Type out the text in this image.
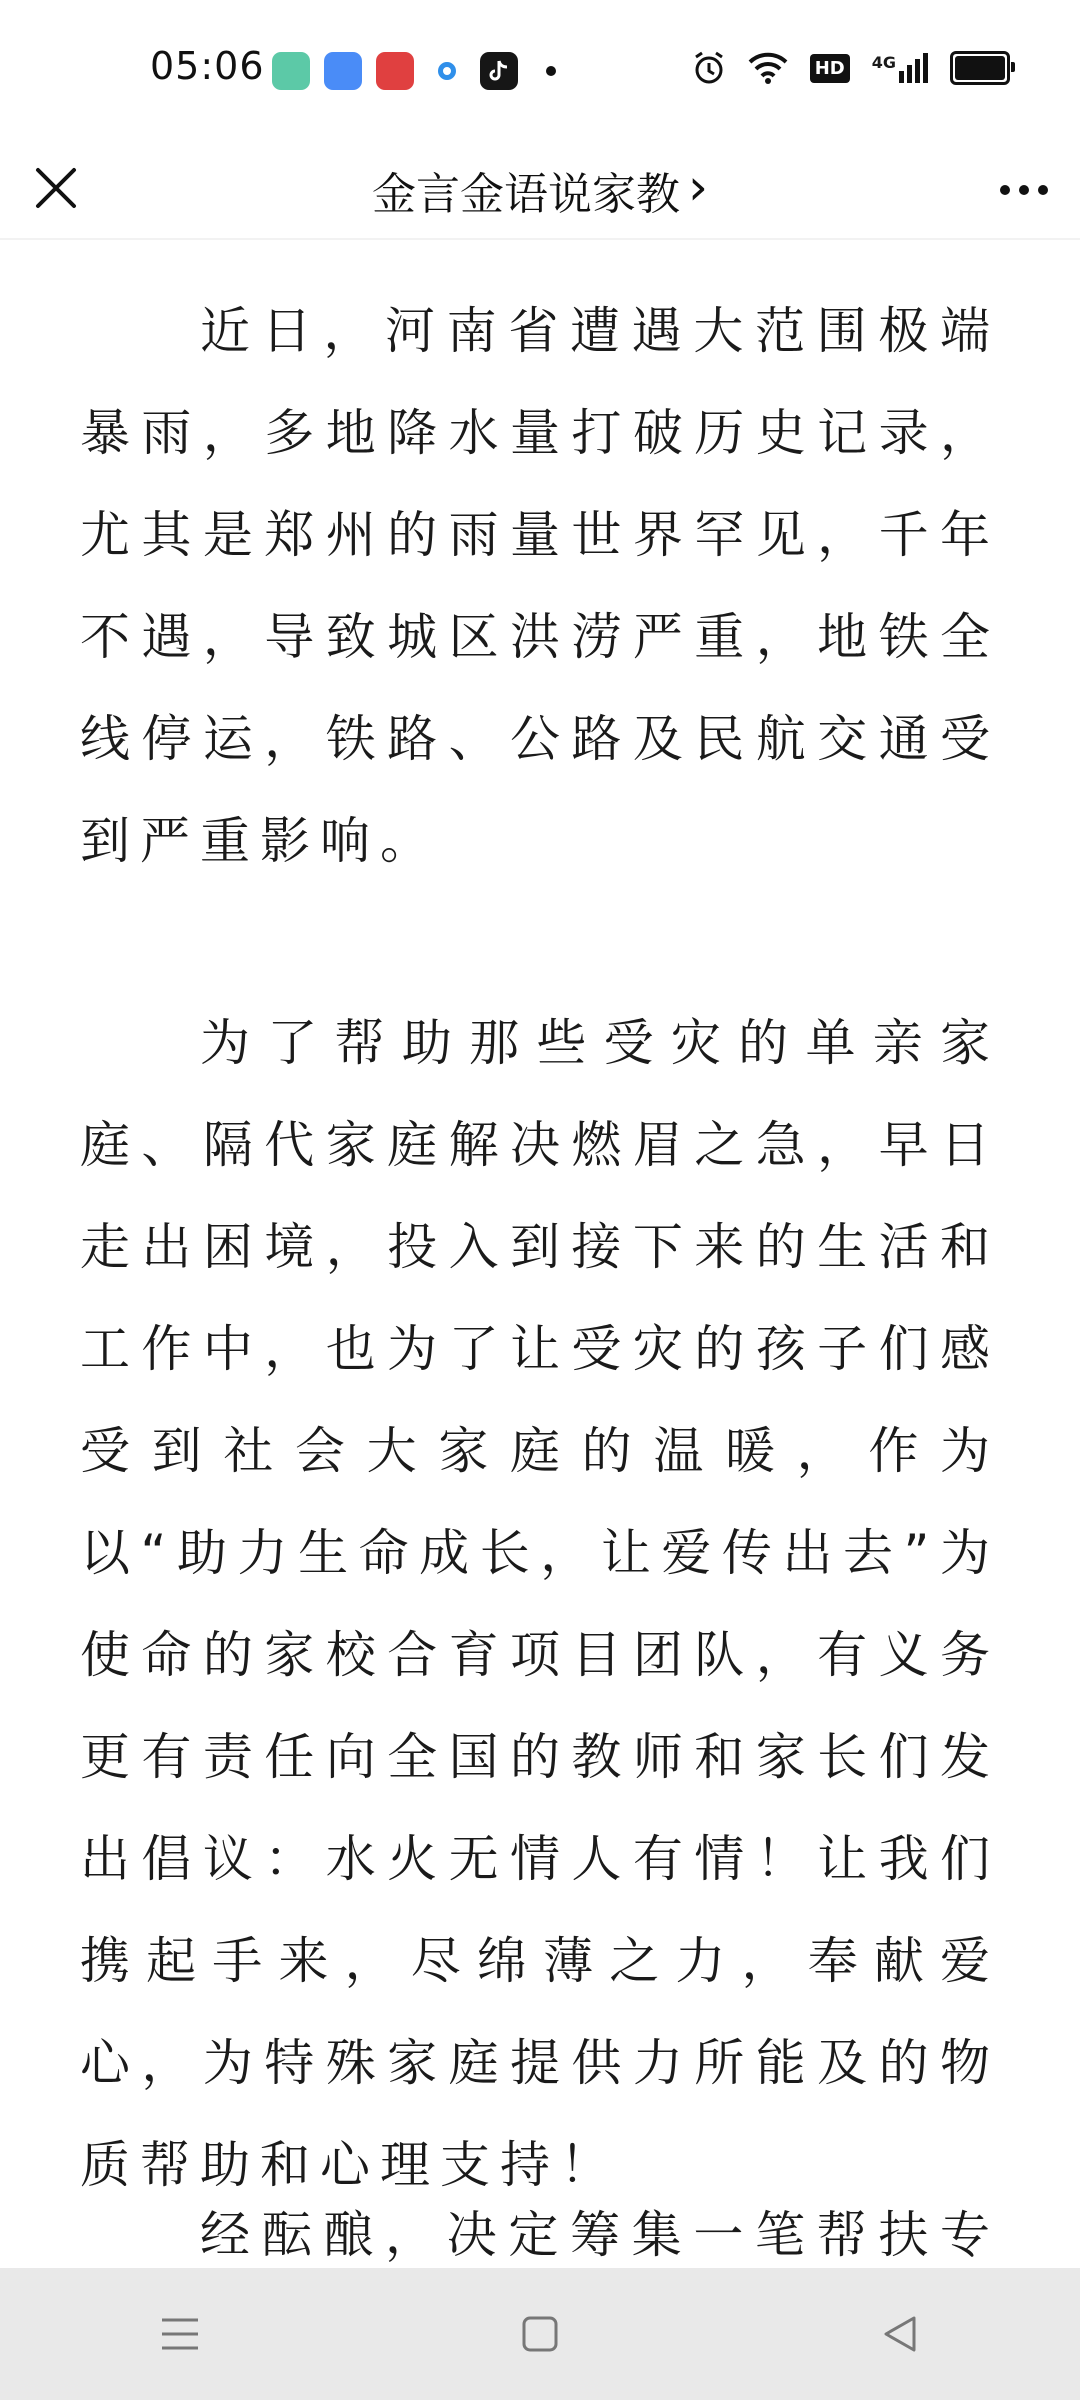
05:06	HD	4G
金言金语说家教 ›

近日，河南省遭遇大范围极端暴雨，多地降水量打破历史记录，尤其是郑州的雨量世界罕见，千年不遇，导致城区洪涝严重，地铁全线停运，铁路、公路及民航交通受到严重影响。

为了帮助那些受灾的单亲家庭、隔代家庭解决燃眉之急，早日走出困境，投入到接下来的生活和工作中，也为了让受灾的孩子们感受到社会大家庭的温暖，作为以“助力生命成长，让爱传出去”为使命的家校合育项目团队，有义务更有责任向全国的教师和家长们发出倡议：水火无情人有情！让我们携起手来，尽绵薄之力，奉献爱心，为特殊家庭提供力所能及的物质帮助和心理支持！

经酝酿，决定筹集一笔帮扶专
